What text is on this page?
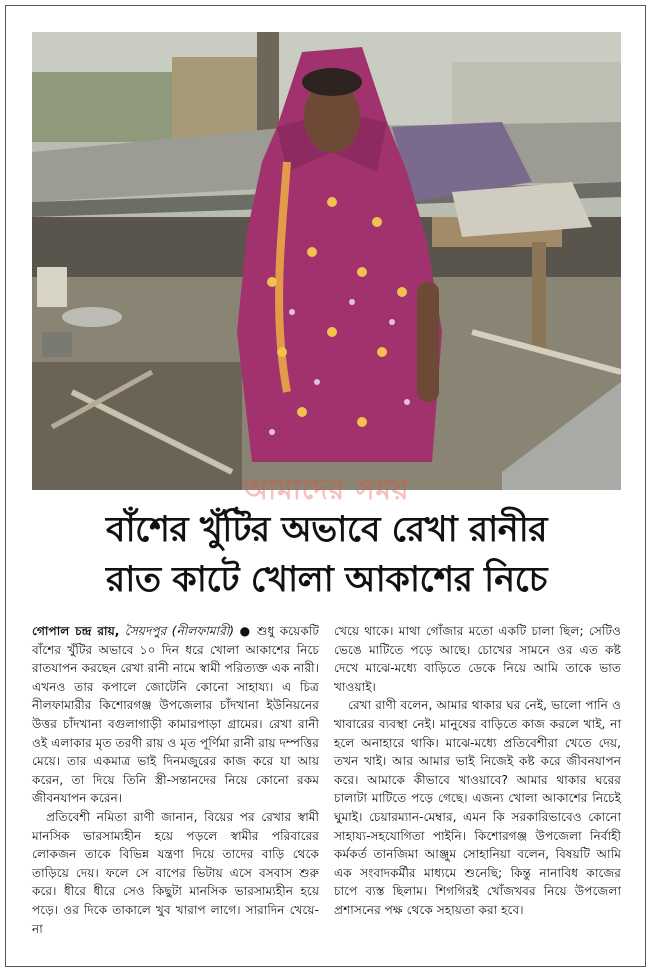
আমাদের সময়
বাঁশের খুঁটির অভাবে রেখা রানীর
রাত কাটে খোলা আকাশের নিচে

গোপাল চন্দ্র রায়, সৈয়দপুর (নীলফামারী) ● শুধু কয়েকটি বাঁশের খুঁটির অভাবে ১০ দিন ধরে খোলা আকাশের নিচে রাতযাপন করছেন রেখা রানী নামে স্বামী পরিত্যক্ত এক নারী। এখনও তার কপালে জোটেনি কোনো সাহায্য। এ চিত্র নীলফামারীর কিশোরগঞ্জ উপজেলার চাঁদখানা ইউনিয়নের উত্তর চাঁদখানা বগুলাগাড়ী কামারপাড়া গ্রামের। রেখা রানী ওই এলাকার মৃত তরণী রায় ও মৃত পূর্ণিমা রানী রায় দম্পত্তির মেয়ে। তার একমাত্র ভাই দিনমজুরের কাজ করে যা আয় করেন, তা দিয়ে তিনি স্ত্রী-সন্তানদের নিয়ে কোনো রকম জীবনযাপন করেন।

প্রতিবেশী নমিতা রাণী জানান, বিয়ের পর রেখার স্বামী মানসিক ভারসাম্যহীন হয়ে পড়লে স্বামীর পরিবারের লোকজন তাকে বিভিন্ন যন্ত্রণা দিয়ে তাদের বাড়ি থেকে তাড়িয়ে দেয়। ফলে সে বাপের ভিটায় এসে বসবাস শুরু করে। ধীরে ধীরে সেও কিছুটা মানসিক ভারসাম্যহীন হয়ে পড়ে। ওর দিকে তাকালে খুব খারাপ লাগে। সারাদিন খেয়ে-না

খেয়ে থাকে। মাথা গোঁজার মতো একটি চালা ছিল; সেটিও ভেঙে মাটিতে পড়ে আছে। চোখের সামনে ওর এত কষ্ট দেখে মাঝে-মধ্যে বাড়িতে ডেকে নিয়ে আমি তাকে ভাত খাওয়াই।

রেখা রাণী বলেন, আমার থাকার ঘর নেই, ভালো পানি ও খাবারের ব্যবস্থা নেই। মানুষের বাড়িতে কাজ করলে খাই, না হলে অনাহারে থাকি। মাঝে-মধ্যে প্রতিবেশীরা খেতে দেয়, তখন খাই। আর আমার ভাই নিজেই কষ্ট করে জীবনযাপন করে। আমাকে কীভাবে খাওয়াবে? আমার থাকার ঘরের চালাটা মাটিতে পড়ে গেছে। এজন্য খোলা আকাশের নিচেই ঘুমাই। চেয়ারম্যান-মেম্বার, এমন কি সরকারিভাবেও কোনো সাহায্য-সহযোগিতা পাইনি। কিশোরগঞ্জ উপজেলা নির্বাহী কর্মকর্ত তানজিমা আঞ্জুম সোহানিয়া বলেন, বিষয়টি আমি এক সংবাদকর্মীর মাধ্যমে শুনেছি; কিন্তু নানাবিধ কাজের চাপে ব্যস্ত ছিলাম। শিগগিরই খোঁজখবর নিয়ে উপজেলা প্রশাসনের পক্ষ থেকে সহায়তা করা হবে।
